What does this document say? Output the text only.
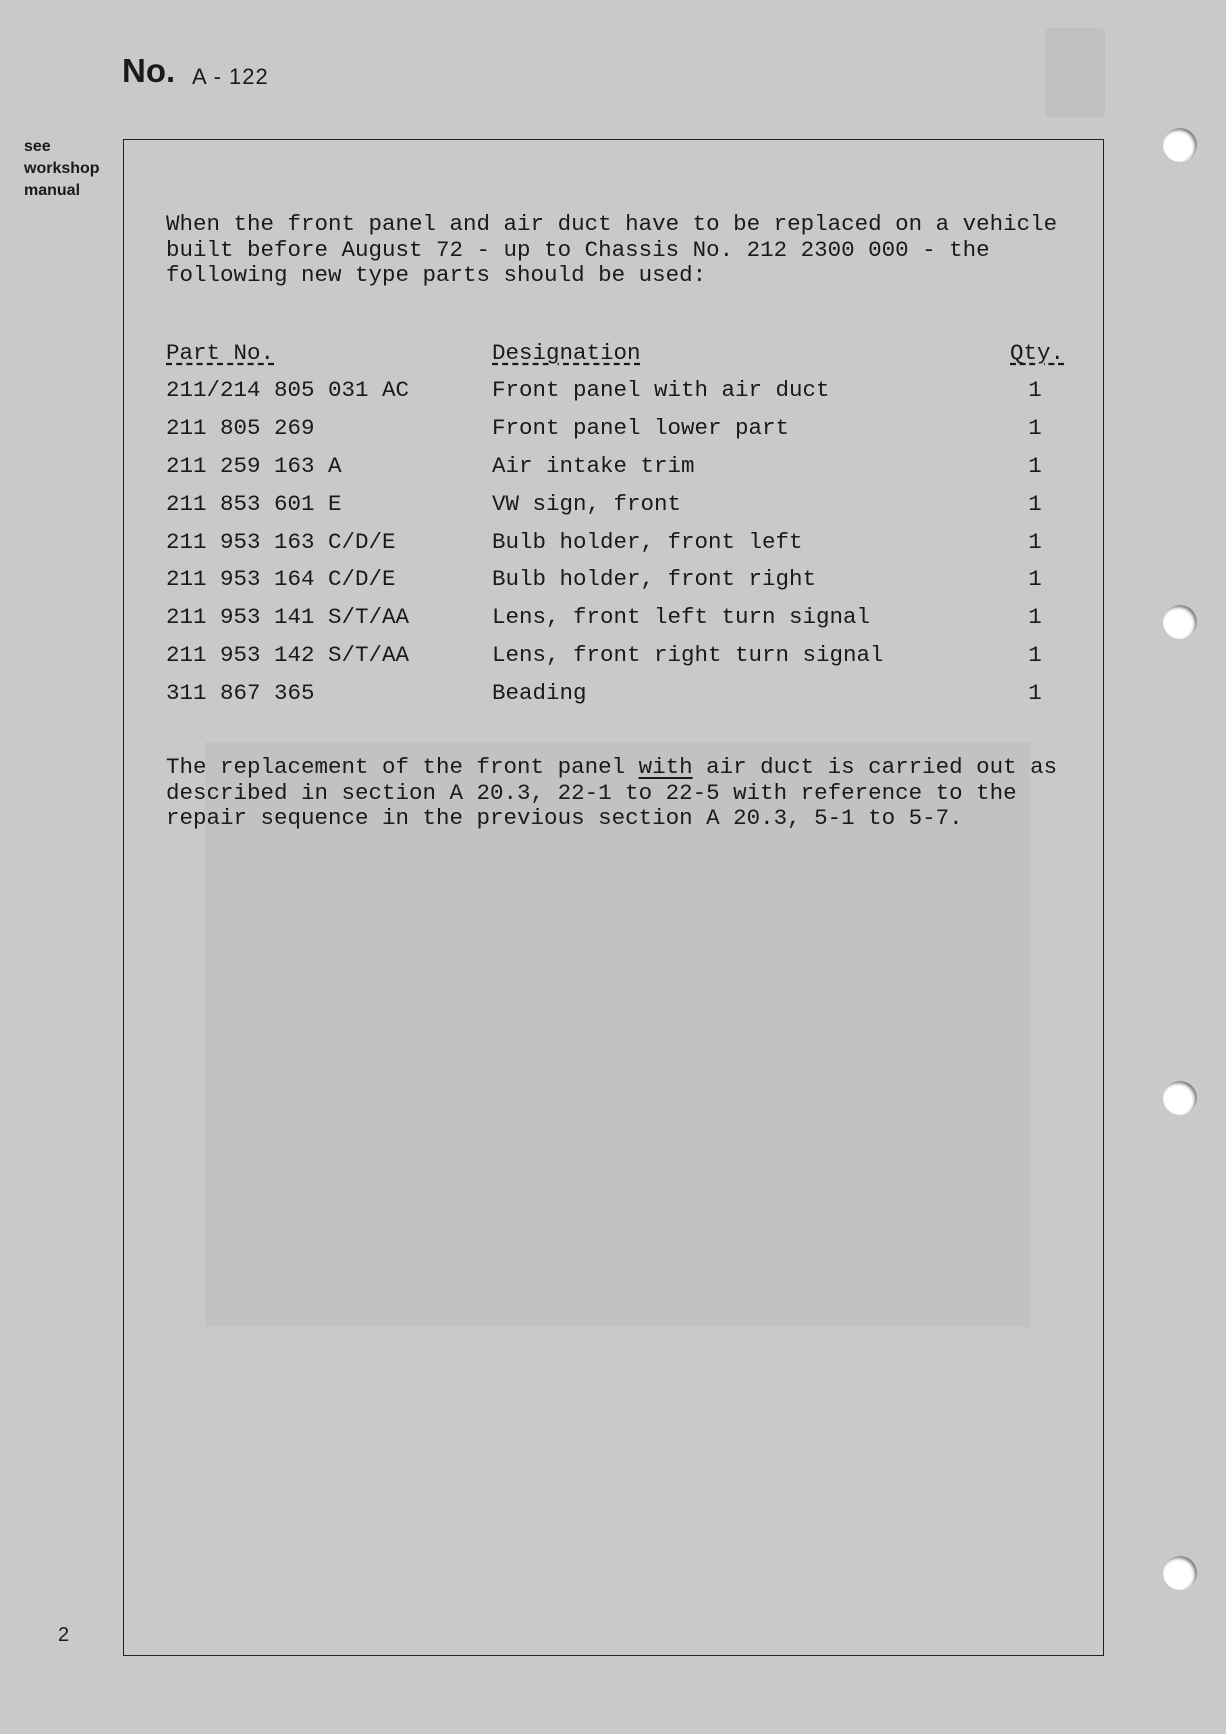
No. A - 122
see
workshop
manual
When the front panel and air duct have to be replaced on a vehicle
built before August 72 - up to Chassis No. 212 2300 000 - the
following new type parts should be used:
Part No.	Designation	Qty.
211/214 805 031 AC	Front panel with air duct	1
211 805 269	Front panel lower part	1
211 259 163 A	Air intake trim	1
211 853 601 E	VW sign, front	1
211 953 163 C/D/E	Bulb holder, front left	1
211 953 164 C/D/E	Bulb holder, front right	1
211 953 141 S/T/AA	Lens, front left turn signal	1
211 953 142 S/T/AA	Lens, front right turn signal	1
311 867 365	Beading	1
The replacement of the front panel with air duct is carried out as
described in section A 20.3, 22-1 to 22-5 with reference to the
repair sequence in the previous section A 20.3, 5-1 to 5-7.
2
